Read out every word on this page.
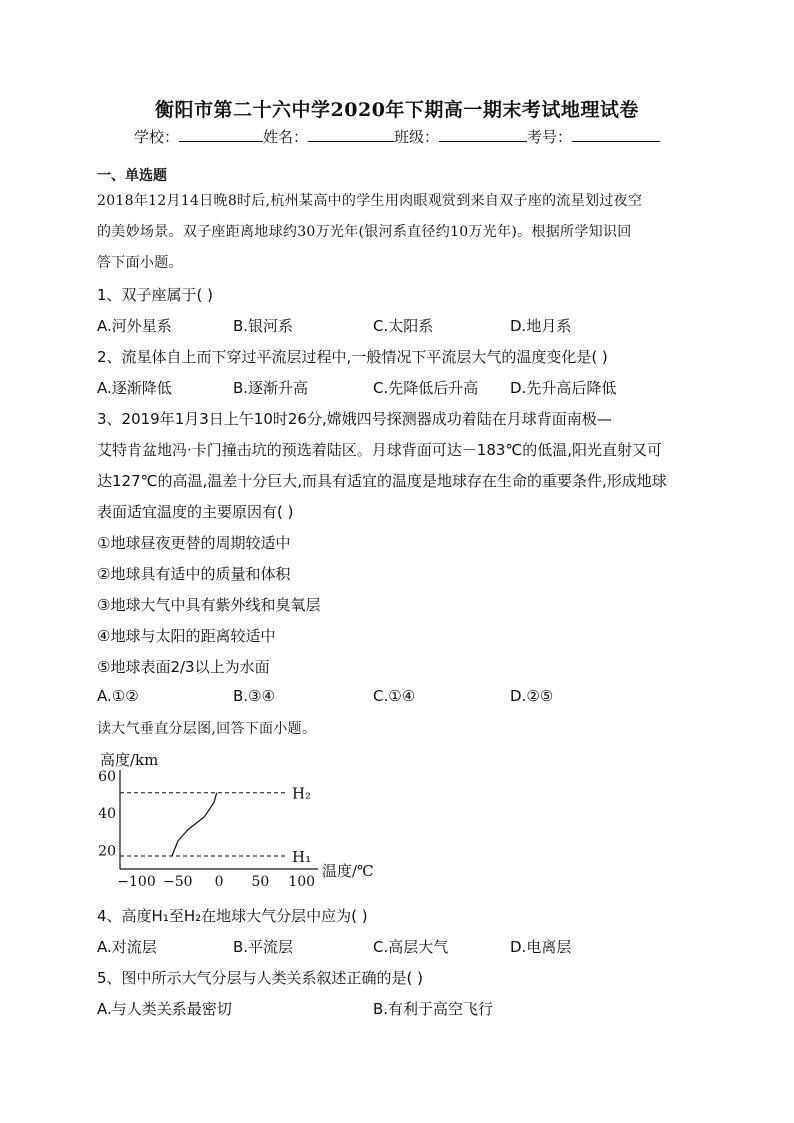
衡阳市第二十六中学2020年下期高一期末考试地理试卷
学校：	姓名：	班级：	考号：
一、单选题
2018年12月14日晚8时后,杭州某高中的学生用肉眼观赏到来自双子座的流星划过夜空
的美妙场景。双子座距离地球约30万光年(银河系直径约10万光年)。根据所学知识回
答下面小题。
1、双子座属于( )
A.河外星系	B.银河系	C.太阳系	D.地月系
2、流星体自上而下穿过平流层过程中,一般情况下平流层大气的温度变化是( )
A.逐渐降低	B.逐渐升高	C.先降低后升高 D.先升高后降低
3、2019年1月3日上午10时26分,嫦娥四号探测器成功着陆在月球背面南极—
艾特肯盆地冯·卡门撞击坑的预选着陆区。月球背面可达－183℃的低温,阳光直射又可
达127℃的高温,温差十分巨大,而具有适宜的温度是地球存在生命的重要条件,形成地球
表面适宜温度的主要原因有( )
①地球昼夜更替的周期较适中
②地球具有适中的质量和体积
③地球大气中具有紫外线和臭氧层
④地球与太阳的距离较适中
⑤地球表面2/3以上为水面
A.①②	B.③④	C.①④	D.②⑤
读大气垂直分层图,回答下面小题。
高度/km
温度/℃
20
40
60
−100 −50 0 50 100
H₂
H₁
4、高度H₁至H₂在地球大气分层中应为( )
A.对流层	B.平流层	C.高层大气	D.电离层
5、图中所示大气分层与人类关系叙述正确的是( )
A.与人类关系最密切	B.有利于高空飞行
